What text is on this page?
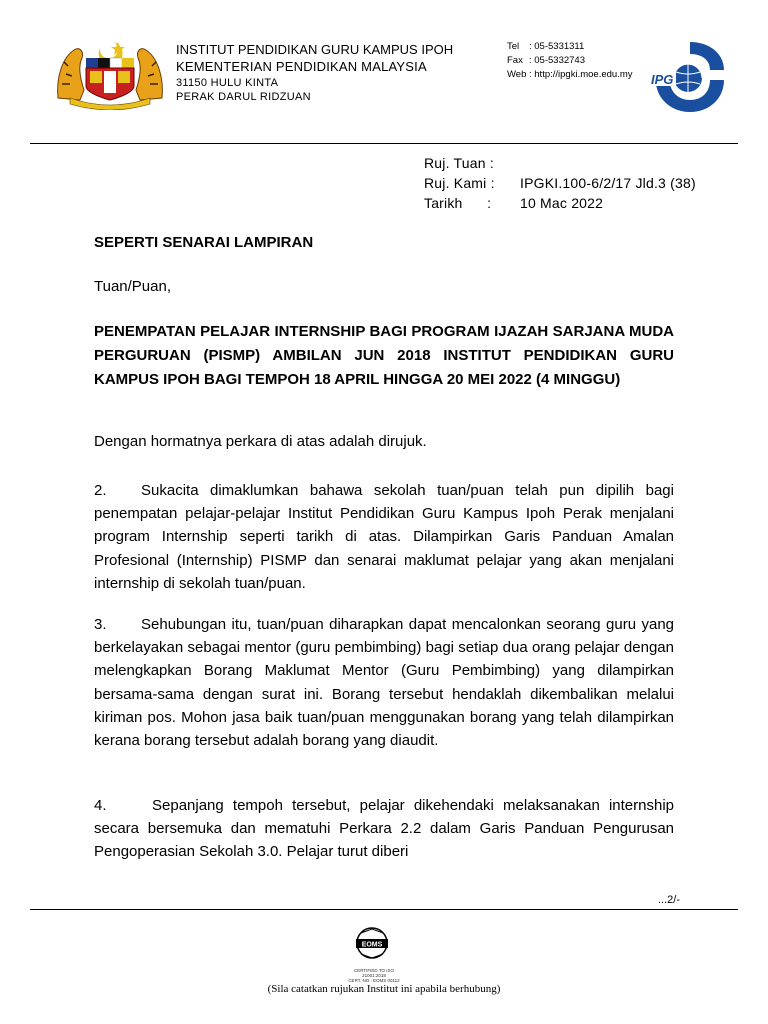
INSTITUT PENDIDIKAN GURU KAMPUS IPOH
KEMENTERIAN PENDIDIKAN MALAYSIA
31150 HULU KINTA
PERAK DARUL RIDZUAN
Tel : 05-5331311
Fax : 05-5332743
Web : http://ipgki.moe.edu.my IPG
Ruj. Tuan :
Ruj. Kami : IPGKI.100-6/2/17 Jld.3 (38)
Tarikh      : 10 Mac 2022
SEPERTI SENARAI LAMPIRAN
Tuan/Puan,
PENEMPATAN PELAJAR INTERNSHIP BAGI PROGRAM IJAZAH SARJANA MUDA PERGURUAN (PISMP) AMBILAN JUN 2018 INSTITUT PENDIDIKAN GURU KAMPUS IPOH BAGI TEMPOH 18 APRIL HINGGA 20 MEI 2022 (4 MINGGU)
Dengan hormatnya perkara di atas adalah dirujuk.
2. Sukacita dimaklumkan bahawa sekolah tuan/puan telah pun dipilih bagi penempatan pelajar-pelajar Institut Pendidikan Guru Kampus Ipoh Perak menjalani program Internship seperti tarikh di atas. Dilampirkan Garis Panduan Amalan Profesional (Internship) PISMP dan senarai maklumat pelajar yang akan menjalani internship di sekolah tuan/puan.
3. Sehubungan itu, tuan/puan diharapkan dapat mencalonkan seorang guru yang berkelayakan sebagai mentor (guru pembimbing) bagi setiap dua orang pelajar dengan melengkapkan Borang Maklumat Mentor (Guru Pembimbing) yang dilampirkan bersama-sama dengan surat ini. Borang tersebut hendaklah dikembalikan melalui kiriman pos. Mohon jasa baik tuan/puan menggunakan borang yang telah dilampirkan kerana borang tersebut adalah borang yang diaudit.
4.	Sepanjang tempoh tersebut, pelajar dikehendaki melaksanakan internship secara bersemuka dan mematuhi Perkara 2.2 dalam Garis Panduan Pengurusan Pengoperasian Sekolah 3.0. Pelajar turut diberi
...2/-
EOMS
CERTIFIED TO ISO 21001:2018
CERT. NO.: EOMS 00112
(Sila catatkan rujukan Institut ini apabila berhubung)
